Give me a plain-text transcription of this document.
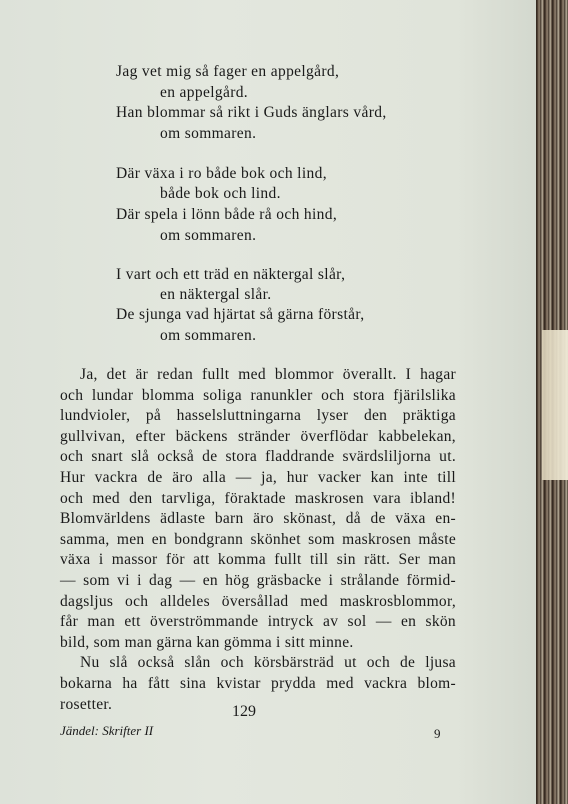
Jag vet mig så fager en appelgård,
en appelgård.
Han blommar så rikt i Guds änglars vård,
om sommaren.
Där växa i ro både bok och lind,
både bok och lind.
Där spela i lönn både rå och hind,
om sommaren.
I vart och ett träd en näktergal slår,
en näktergal slår.
De sjunga vad hjärtat så gärna förstår,
om sommaren.
Ja, det är redan fullt med blommor överallt. I hagar
och lundar blomma soliga ranunkler och stora fjärilslika
lundvioler, på hasselsluttningarna lyser den präktiga
gullvivan, efter bäckens stränder överflödar kabbelekan,
och snart slå också de stora fladdrande svärdsliljorna ut.
Hur vackra de äro alla — ja, hur vacker kan inte till
och med den tarvliga, föraktade maskrosen vara ibland!
Blomvärldens ädlaste barn äro skönast, då de växa en-
samma, men en bondgrann skönhet som maskrosen måste
växa i massor för att komma fullt till sin rätt. Ser man
— som vi i dag — en hög gräsbacke i strålande förmid-
dagsljus och alldeles översållad med maskrosblommor,
får man ett överströmmande intryck av sol — en skön
bild, som man gärna kan gömma i sitt minne.
Nu slå också slån och körsbärsträd ut och de ljusa
bokarna ha fått sina kvistar prydda med vackra blom-
rosetter.	129
Jändel: Skrifter II	9
